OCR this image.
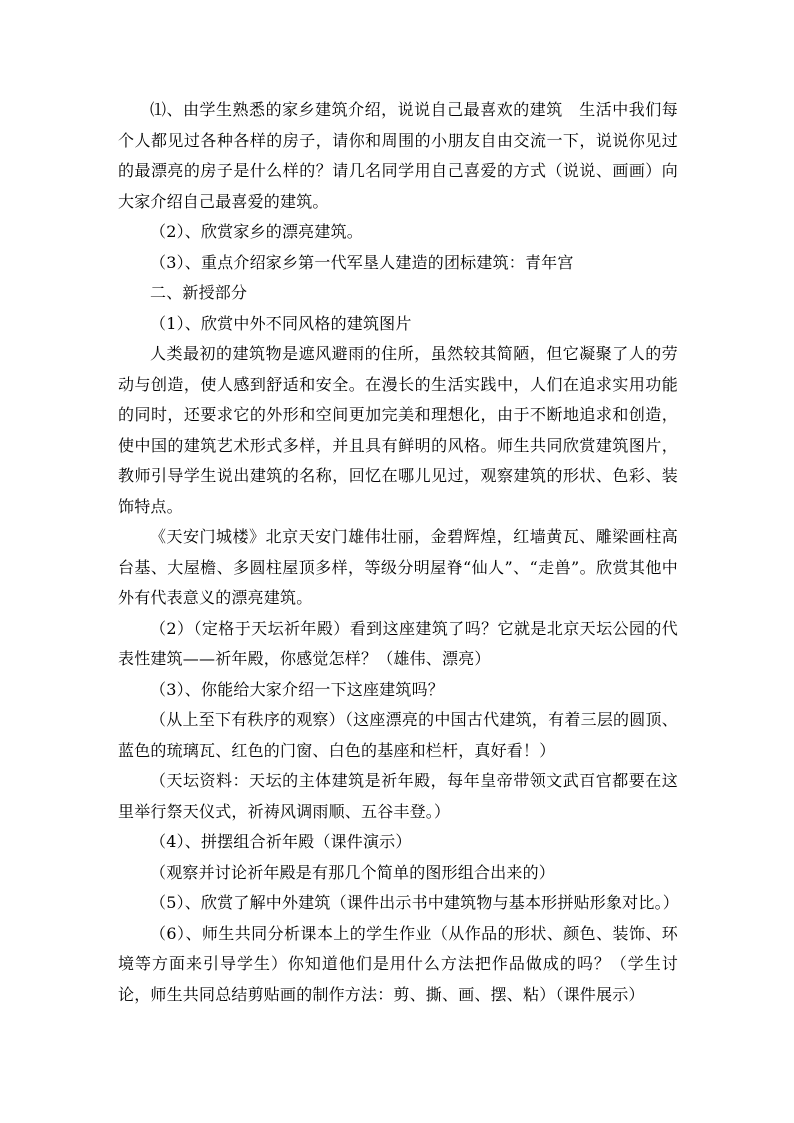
⑴、由学生熟悉的家乡建筑介绍，说说自己最喜欢的建筑　生活中我们每个人都见过各种各样的房子，请你和周围的小朋友自由交流一下，说说你见过的最漂亮的房子是什么样的？请几名同学用自己喜爱的方式（说说、画画）向大家介绍自己最喜爱的建筑。

（2）、欣赏家乡的漂亮建筑。

（3）、重点介绍家乡第一代军垦人建造的团标建筑：青年宫

二、新授部分

（1）、欣赏中外不同风格的建筑图片

人类最初的建筑物是遮风避雨的住所，虽然较其简陋，但它凝聚了人的劳动与创造，使人感到舒适和安全。在漫长的生活实践中，人们在追求实用功能的同时，还要求它的外形和空间更加完美和理想化，由于不断地追求和创造，使中国的建筑艺术形式多样，并且具有鲜明的风格。师生共同欣赏建筑图片，教师引导学生说出建筑的名称，回忆在哪儿见过，观察建筑的形状、色彩、装饰特点。

《天安门城楼》北京天安门雄伟壮丽，金碧辉煌，红墙黄瓦、雕梁画柱高台基、大屋檐、多圆柱屋顶多样，等级分明屋脊“仙人”、“走兽”。欣赏其他中外有代表意义的漂亮建筑。

（2）（定格于天坛祈年殿）看到这座建筑了吗？它就是北京天坛公园的代表性建筑——祈年殿，你感觉怎样？（雄伟、漂亮）

（3）、你能给大家介绍一下这座建筑吗？

（从上至下有秩序的观察）（这座漂亮的中国古代建筑，有着三层的圆顶、蓝色的琉璃瓦、红色的门窗、白色的基座和栏杆，真好看！）

（天坛资料：天坛的主体建筑是祈年殿，每年皇帝带领文武百官都要在这里举行祭天仪式，祈祷风调雨顺、五谷丰登。）

（4）、拼摆组合祈年殿（课件演示）

（观察并讨论祈年殿是有那几个简单的图形组合出来的）

（5）、欣赏了解中外建筑（课件出示书中建筑物与基本形拼贴形象对比。）

（6）、师生共同分析课本上的学生作业（从作品的形状、颜色、装饰、环境等方面来引导学生）你知道他们是用什么方法把作品做成的吗？（学生讨论，师生共同总结剪贴画的制作方法：剪、撕、画、摆、粘）（课件展示）
